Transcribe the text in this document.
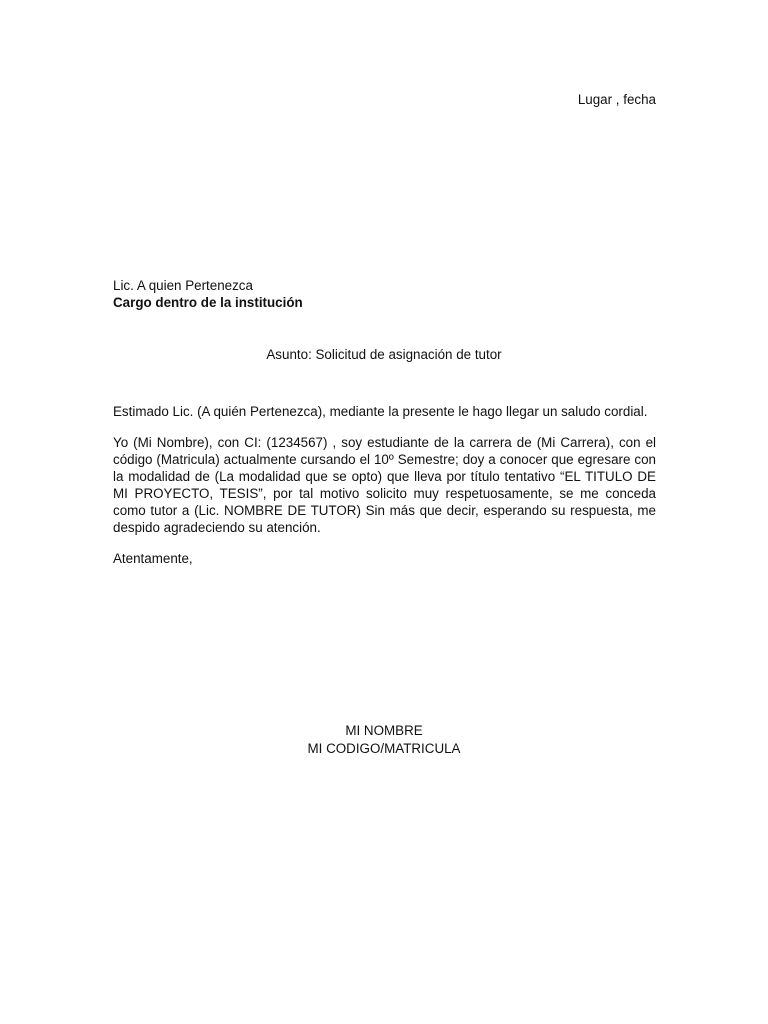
Lugar , fecha
Lic. A quien Pertenezca
Cargo dentro de la institución
Asunto: Solicitud de asignación de tutor

Estimado Lic. (A quién Pertenezca), mediante la presente le hago llegar un saludo cordial.

Yo (Mi Nombre), con CI: (1234567) , soy estudiante de la carrera de (Mi Carrera), con el código (Matricula) actualmente cursando el 10º Semestre; doy a conocer que egresare con la modalidad de (La modalidad que se opto) que lleva por título tentativo “EL TITULO DE MI PROYECTO, TESIS”, por tal motivo solicito muy respetuosamente, se me conceda como tutor a (Lic. NOMBRE DE TUTOR) Sin más que decir, esperando su respuesta, me despido agradeciendo su atención.

Atentamente,

MI NOMBRE
MI CODIGO/MATRICULA
